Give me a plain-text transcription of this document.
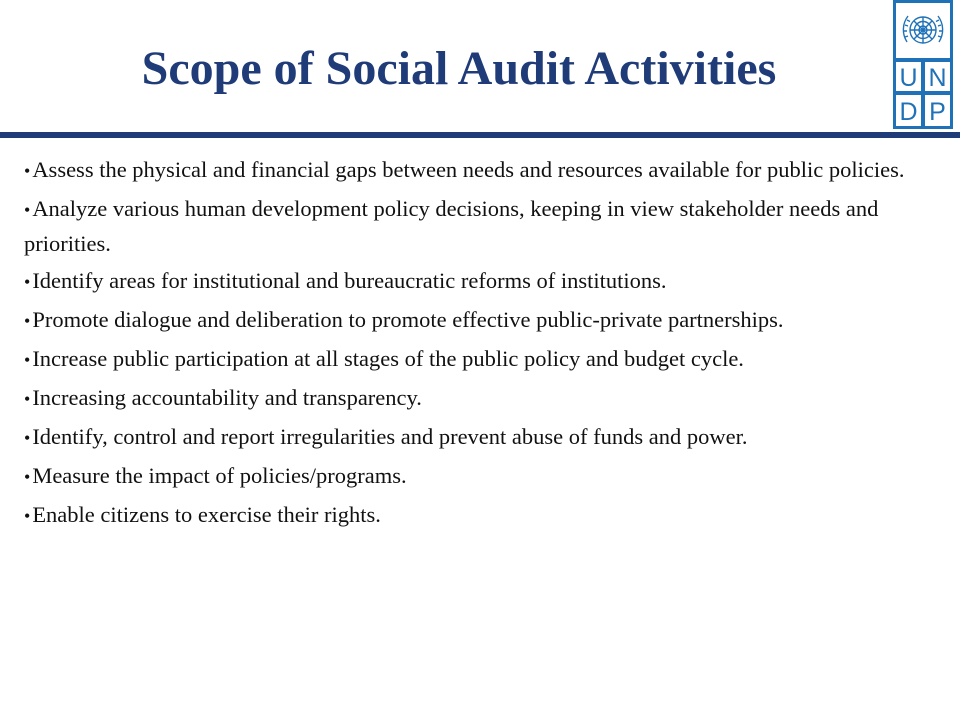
Scope of Social Audit Activities	U N
D P
•Assess the physical and financial gaps between needs and resources available for public policies.
•Analyze various human development policy decisions, keeping in view stakeholder needs and priorities.
•Identify areas for institutional and bureaucratic reforms of institutions.
•Promote dialogue and deliberation to promote effective public-private partnerships.
•Increase public participation at all stages of the public policy and budget cycle.
•Increasing accountability and transparency.
•Identify, control and report irregularities and prevent abuse of funds and power.
•Measure the impact of policies/programs.
•Enable citizens to exercise their rights.
